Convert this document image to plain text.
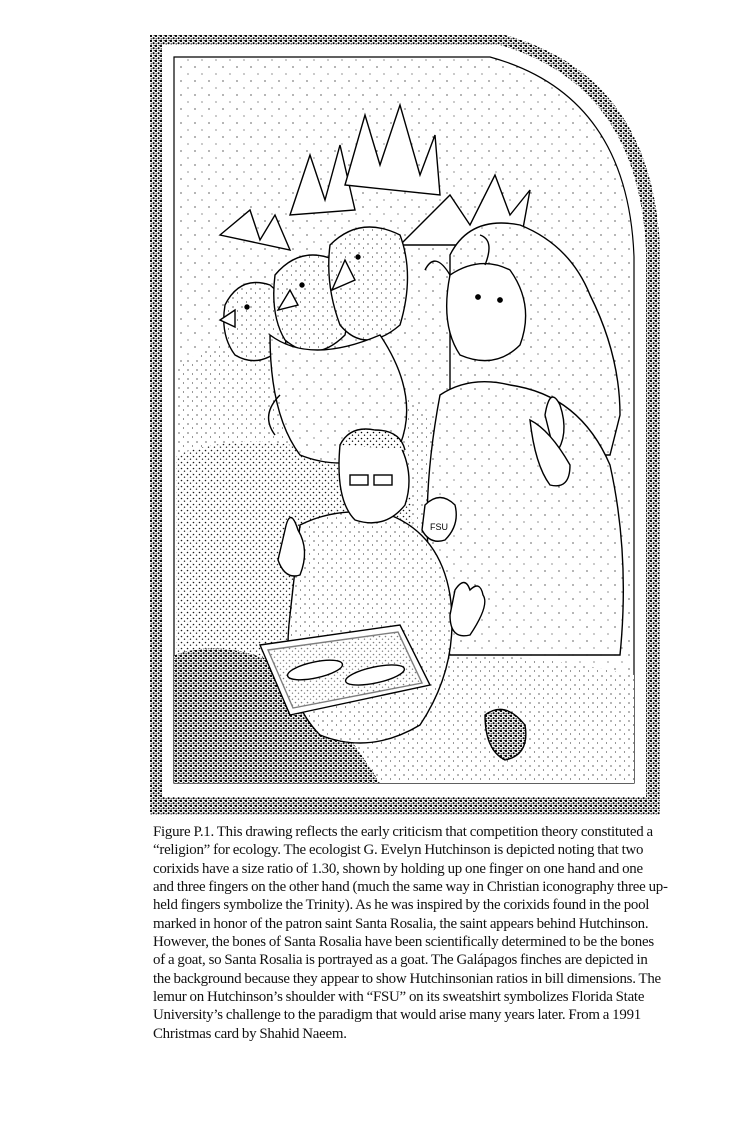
FSU
Figure P.1. This drawing reflects the early criticism that competition theory constituted a
“religion” for ecology. The ecologist G. Evelyn Hutchinson is depicted noting that two
corixids have a size ratio of 1.30, shown by holding up one finger on one hand and one
and three fingers on the other hand (much the same way in Christian iconography three up-
held fingers symbolize the Trinity). As he was inspired by the corixids found in the pool
marked in honor of the patron saint Santa Rosalia, the saint appears behind Hutchinson.
However, the bones of Santa Rosalia have been scientifically determined to be the bones
of a goat, so Santa Rosalia is portrayed as a goat. The Galápagos finches are depicted in
the background because they appear to show Hutchinsonian ratios in bill dimensions. The
lemur on Hutchinson’s shoulder with “FSU” on its sweatshirt symbolizes Florida State
University’s challenge to the paradigm that would arise many years later. From a 1991
Christmas card by Shahid Naeem.
